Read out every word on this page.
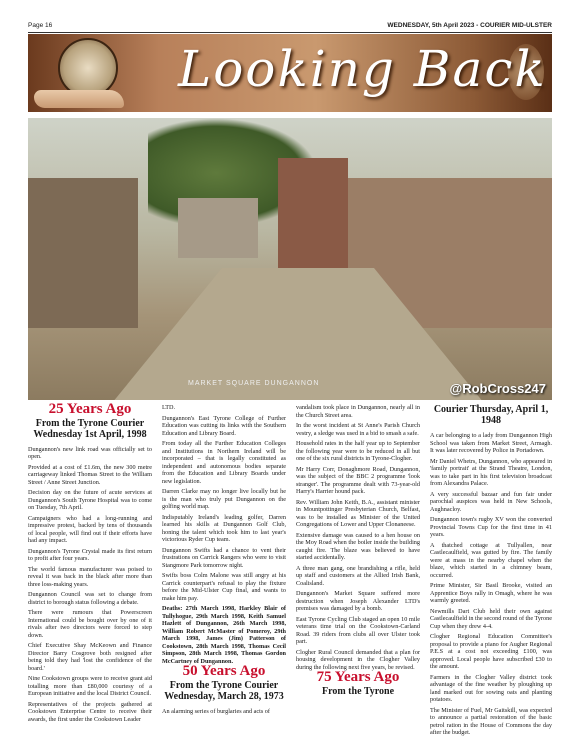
Page 16	WEDNESDAY, 5th April 2023 - COURIER MID-ULSTER
Looking Back
MARKET SQUARE DUNGANNON	@RobCross247
25 Years Ago
From the Tyrone Courier Wednesday 1st April, 1998

Dungannon's new link road was officially set to open.

Provided at a cost of £1.6m, the new 300 metre carriageway linked Thomas Street to the William Street / Anne Street Junction.

Decision day on the future of acute services at Dungannon's South Tyrone Hospital was to come on Tuesday, 7th April.

Campaigners who had a long-running and impressive protest, backed by tens of thousands of local people, will find out if their efforts have had any impact.

Dungannon's Tyrone Crystal made its first return to profit after four years.

The world famous manufacturer was poised to reveal it was back in the black after more than three loss-making years.

Dungannon Council was set to change from district to borough status following a debate.

There were rumours that Powerscreen International could be bought over by one of it rivals after two directors were forced to step down.

Chief Executive Shay McKeown and Finance Director Barry Cosgrove both resigned after being told they had 'lost the confidence of the board.'

Nine Cookstown groups were to receive grant aid totalling more than £80,000 courtesy of a European initiative and the local District Council.

Representatives of the projects gathered at Cookstown Enterprise Centre to receive their awards, the first under the Cookstown Leader

LTD.

Dungannon's East Tyrone College of Further Education was cutting its links with the Southern Education and Library Board.

From today all the Further Education Colleges and Institutions in Northern Ireland will be incorporated – that is legally constituted as independent and autonomous bodies separate from the Education and Library Boards under new legislation.

Darren Clarke may no longer live locally but he is the man who truly put Dungannon on the golfing world map.

Indisputably Ireland's leading golfer, Darren learned his skills at Dungannon Golf Club, honing the talent which took him to last year's victorious Ryder Cup team.

Dungannon Swifts had a chance to vent their frustrations on Carrick Rangers who were to visit Stangmore Park tomorrow night.

Swifts boss Colm Malone was still angry at his Carrick counterpart's refusal to play the fixture before the Mid-Ulster Cup final, and wants to make him pay.

Deaths: 27th March 1998, Harkley Blair of Tullyhogue, 29th March 1998, Keith Samuel Hazlett of Dungannon, 26th March 1998, William Robert McMaster of Pomeroy, 29th March 1998, James (Jim) Patterson of Cookstown, 28th March 1998, Thomas Cecil Simpson, 28th March 1998, Thomas Gordon McCartney of Dungannon.

50 Years Ago
From the Tyrone Courier Wednesday, March 28, 1973

An alarming series of burglaries and acts of

vandalism took place in Dungannon, nearly all in the Church Street area.

In the worst incident at St Anne's Parish Church vestry, a sledge was used in a bid to smash a safe.

Household rates in the half year up to September the following year were to be reduced in all but one of the six rural districts in Tyrone-Clogher.

Mr Harry Corr, Donaghmore Road, Dungannon, was the subject of the BBC 2 programme 'look stranger'. The programme dealt with 73-year-old Harry's Harrier hound pack.

Rev. William John Keith, B.A., assistant minister in Mountpottinger Presbyterian Church, Belfast, was to be installed as Minister of the United Congregations of Lower and Upper Clonaneese.

Extensive damage was caused to a hen house on the Moy Road when the boiler inside the building caught fire. The blaze was believed to have started accidentally.

A three man gang, one brandishing a rifle, held up staff and customers at the Allied Irish Bank, Coalisland.

Dungannon's Market Square suffered more destruction when Joseph Alexander LTD's premises was damaged by a bomb.

East Tyrone Cycling Club staged an open 10 mile veterans time trial on the Cookstown-Carland Road. 39 riders from clubs all over Ulster took part.

Clogher Rural Council demanded that a plan for housing development in the Clogher Valley during the following next five years, be revised.

75 Years Ago
From the Tyrone
Courier Thursday, April 1, 1948

A car belonging to a lady from Dungannon High School was taken from Market Street, Armagh. It was later recovered by Police in Portadown.

Mr Daniel Whetrs, Dungannon, who appeared in 'family portrait' at the Strand Theatre, London, was to take part in his first television broadcast from Alexandra Palace.

A very successful bazaar and fun fair under parochial auspices was held in New Schools, Aughnacloy.

Dungannon town's rugby XV won the converted Provincial Towns Cup for the first time in 41 years.

A thatched cottage at Tullyallen, near Castlecaulfield, was gutted by fire. The family were at mass in the nearby chapel when the blaze, which started in a chimney beam, occurred.

Prime Minister, Sir Basil Brooke, visited an Apprentice Boys rally in Omagh, where he was warmly greeted.

Newmills Dart Club held their own against Castlecaulfield in the second round of the Tyrone Cup when they drew 4-4.

Clogher Regional Education Committee's proposal to provide a piano for Augher Regional P.E.S at a cost not exceeding £100, was approved. Local people have subscribed £30 to the amount.

Farmers in the Clogher Valley district took advantage of the fine weather by ploughing up land marked out for sowing oats and planting potatoes.

The Minister of Fuel, Mr Gaitskill, was expected to announce a partial restoration of the basic petrol ration in the House of Commons the day after the budget.
